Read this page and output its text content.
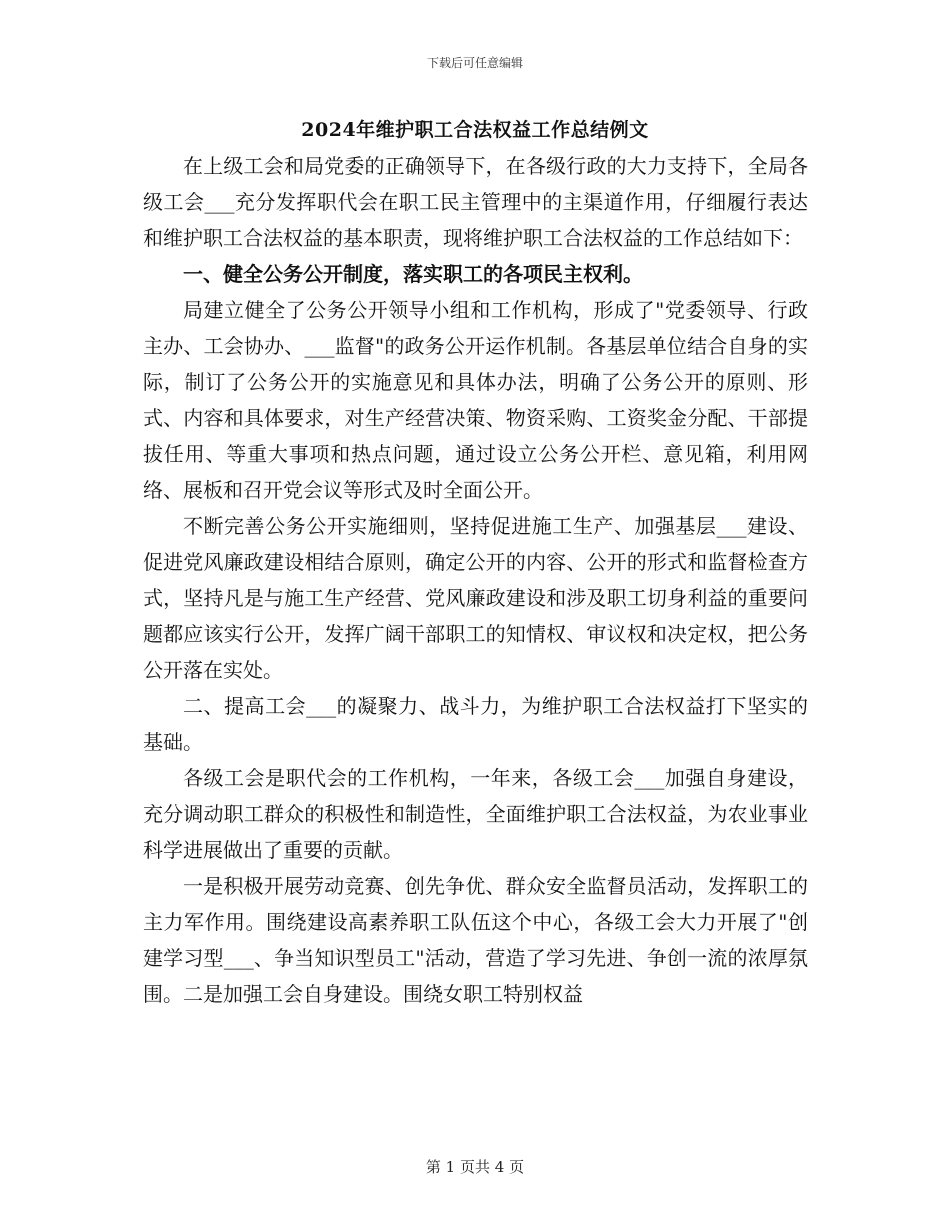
下载后可任意编辑
2024年维护职工合法权益工作总结例文

在上级工会和局党委的正确领导下，在各级行政的大力支持下，全局各级工会___充分发挥职代会在职工民主管理中的主渠道作用，仔细履行表达和维护职工合法权益的基本职责，现将维护职工合法权益的工作总结如下：

一、健全公务公开制度，落实职工的各项民主权利。

局建立健全了公务公开领导小组和工作机构，形成了"党委领导、行政主办、工会协办、___监督"的政务公开运作机制。各基层单位结合自身的实际，制订了公务公开的实施意见和具体办法，明确了公务公开的原则、形式、内容和具体要求，对生产经营决策、物资采购、工资奖金分配、干部提拔任用、等重大事项和热点问题，通过设立公务公开栏、意见箱，利用网络、展板和召开党会议等形式及时全面公开。

不断完善公务公开实施细则，坚持促进施工生产、加强基层___建设、促进党风廉政建设相结合原则，确定公开的内容、公开的形式和监督检查方式，坚持凡是与施工生产经营、党风廉政建设和涉及职工切身利益的重要问题都应该实行公开，发挥广阔干部职工的知情权、审议权和决定权，把公务公开落在实处。

二、提高工会___的凝聚力、战斗力，为维护职工合法权益打下坚实的基础。

各级工会是职代会的工作机构，一年来，各级工会___加强自身建设，充分调动职工群众的积极性和制造性，全面维护职工合法权益，为农业事业科学进展做出了重要的贡献。

一是积极开展劳动竞赛、创先争优、群众安全监督员活动，发挥职工的主力军作用。围绕建设高素养职工队伍这个中心，各级工会大力开展了"创建学习型___、争当知识型员工"活动，营造了学习先进、争创一流的浓厚氛围。二是加强工会自身建设。围绕女职工特别权益

第 1 页共 4 页
